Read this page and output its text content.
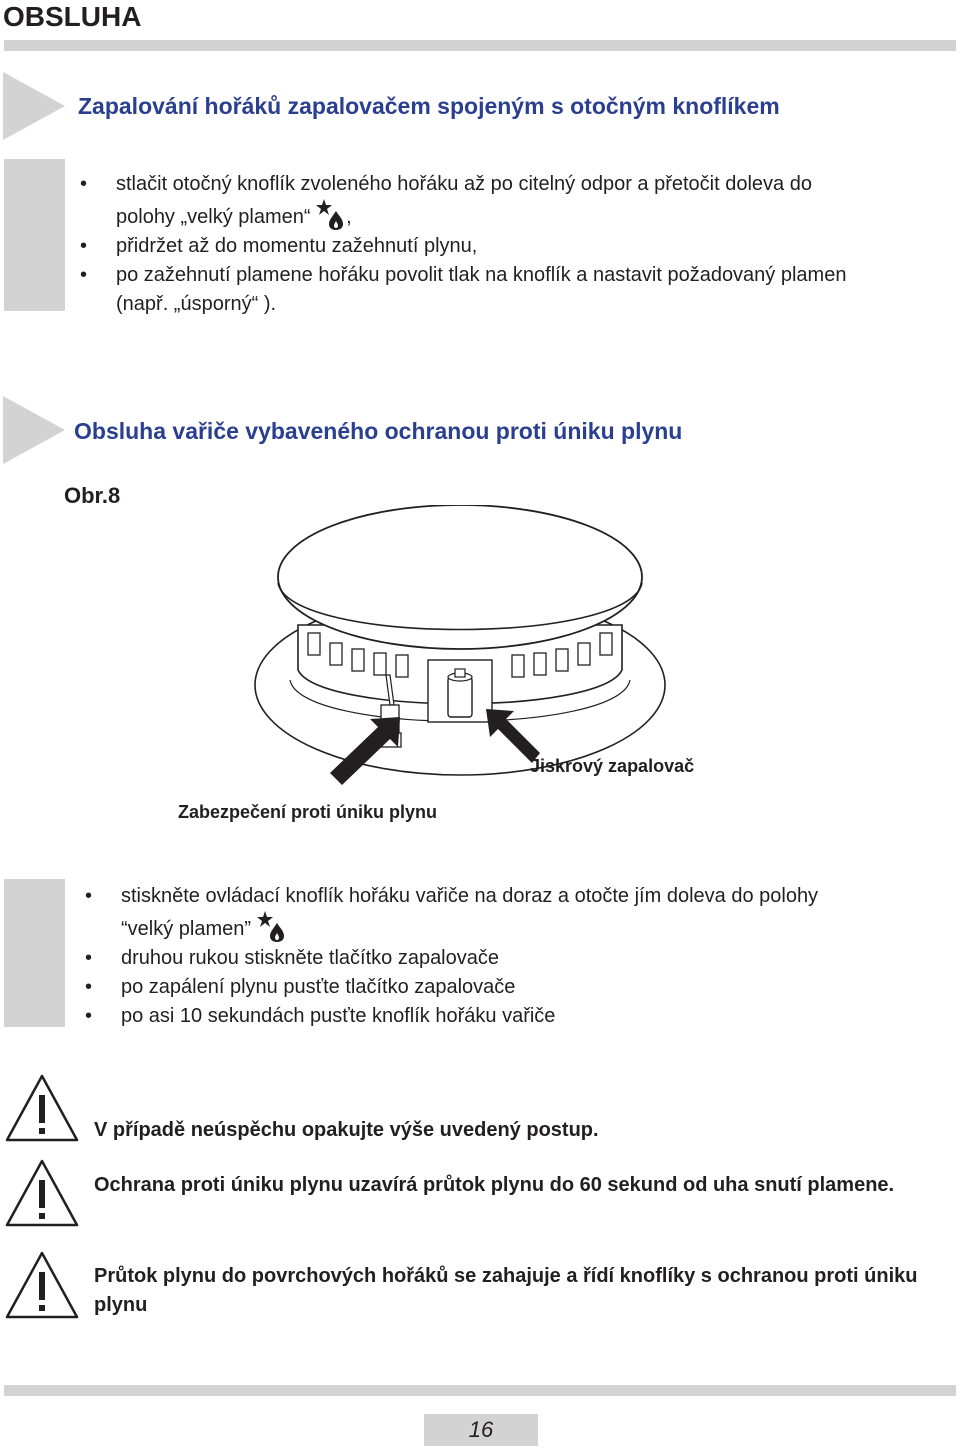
OBSLUHA
Zapalování hořáků zapalovačem spojeným s otočným knoflíkem
• stlačit otočný knoflík zvoleného hořáku až po citelný odpor a přetočit doleva do
polohy „velký plamen“ ,
• přidržet až do momentu zažehnutí plynu,
• po zažehnutí plamene hořáku povolit tlak na knoflík a nastavit požadovaný plamen
(např. „úsporný“ ).
Obsluha vařiče vybaveného ochranou proti úniku plynu
Obr.8
Jiskrový zapalovač
Zabezpečení proti úniku plynu
• stiskněte ovládací knoflík hořáku vařiče na doraz a otočte jím doleva do polohy
“velký plamen”
• druhou rukou stiskněte tlačítko zapalovače
• po zapálení plynu pusťte tlačítko zapalovače
• po asi 10 sekundách pusťte knoflík hořáku vařiče
V případě neúspěchu opakujte výše uvedený postup.
Ochrana proti úniku plynu uzavírá průtok plynu do 60 sekund od uha snutí plamene.
Průtok plynu do povrchových hořáků se zahajuje a řídí knoflíky s ochranou proti úniku plynu
16
